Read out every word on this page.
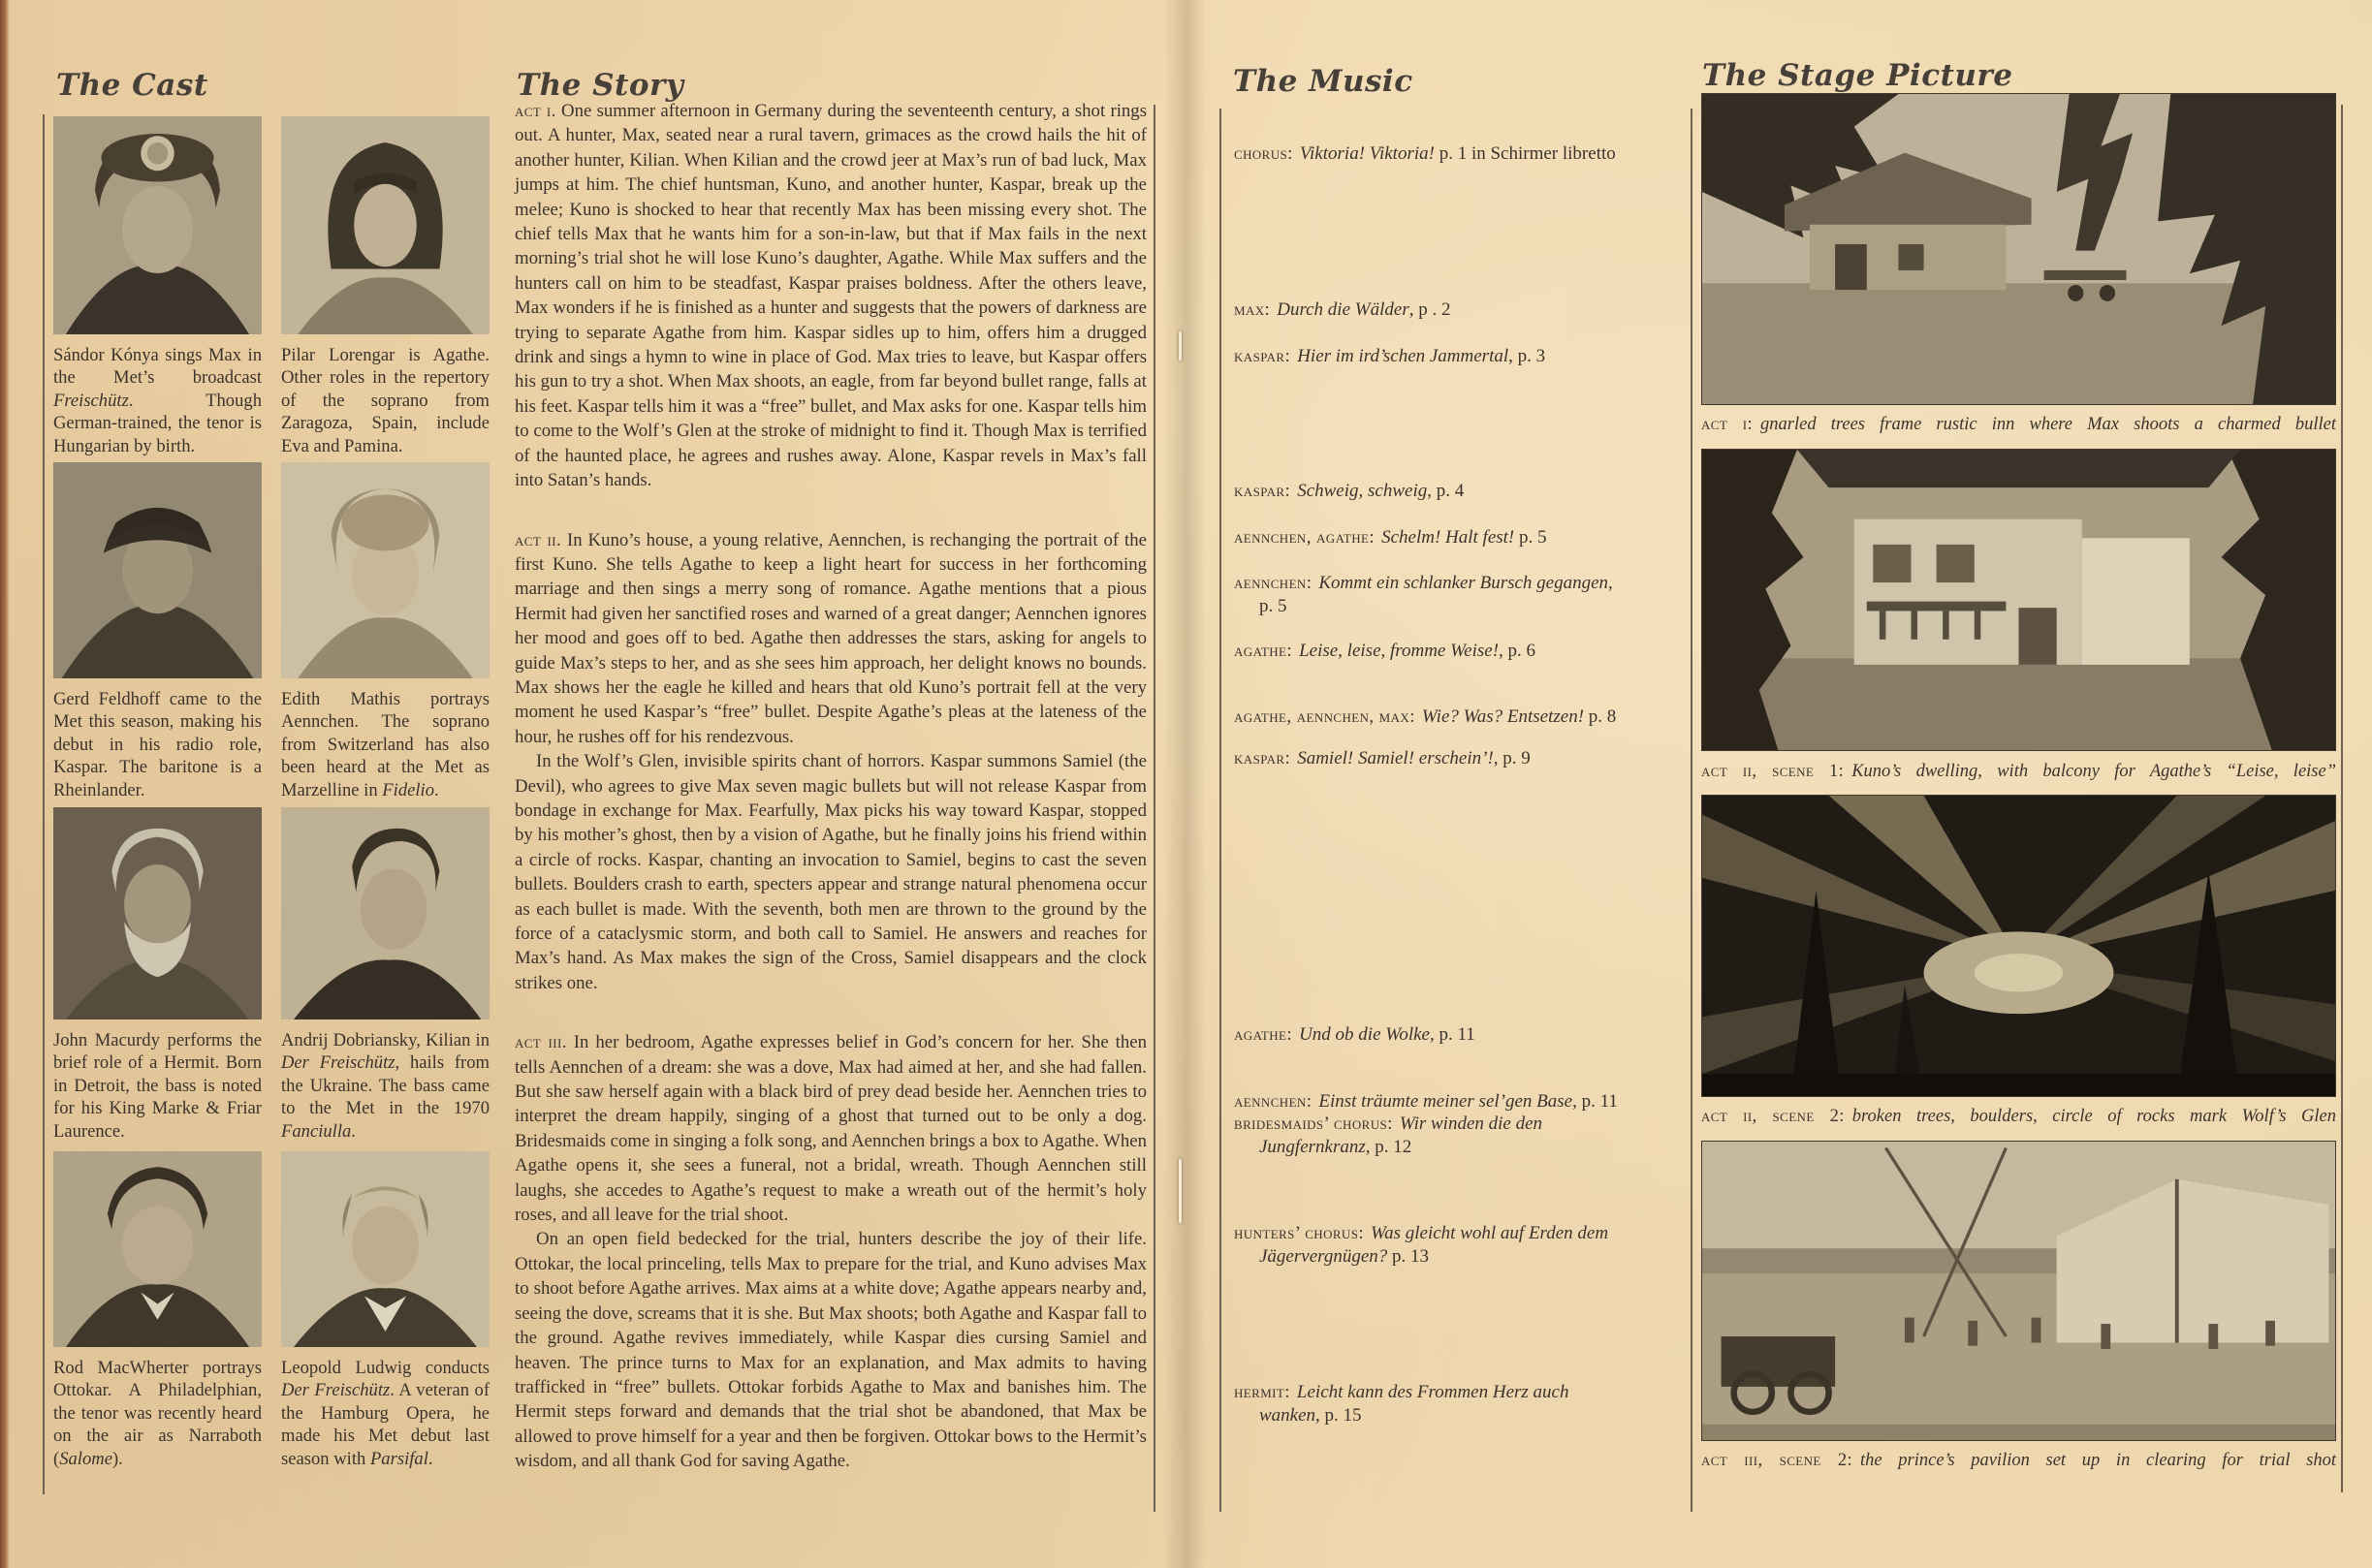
The Cast
Sándor Kónya sings Max in the Met’s broadcast Freischütz. Though German-trained, the tenor is Hungarian by birth.
Pilar Lorengar is Agathe. Other roles in the repertory of the soprano from Zaragoza, Spain, include Eva and Pamina.
Gerd Feldhoff came to the Met this season, making his debut in his radio role, Kaspar. The baritone is a Rheinlander.
Edith Mathis portrays Aennchen. The soprano from Switzerland has also been heard at the Met as Marzelline in Fidelio.
John Macurdy performs the brief role of a Hermit. Born in Detroit, the bass is noted for his King Marke & Friar Laurence.
Andrij Dobriansky, Kilian in Der Freischütz, hails from the Ukraine. The bass came to the Met in the 1970 Fanciulla.
Rod MacWherter portrays Ottokar. A Philadelphian, the tenor was recently heard on the air as Narraboth (Salome).
Leopold Ludwig conducts Der Freischütz. A veteran of the Hamburg Opera, he made his Met debut last season with Parsifal.
The Story

act i. One summer afternoon in Germany during the seventeenth century, a shot rings out. A hunter, Max, seated near a rural tavern, grimaces as the crowd hails the hit of another hunter, Kilian. When Kilian and the crowd jeer at Max’s run of bad luck, Max jumps at him. The chief huntsman, Kuno, and another hunter, Kaspar, break up the melee; Kuno is shocked to hear that recently Max has been missing every shot. The chief tells Max that he wants him for a son-in-law, but that if Max fails in the next morning’s trial shot he will lose Kuno’s daughter, Agathe. While Max suffers and the hunters call on him to be steadfast, Kaspar praises boldness. After the others leave, Max wonders if he is finished as a hunter and suggests that the powers of darkness are trying to separate Agathe from him. Kaspar sidles up to him, offers him a drugged drink and sings a hymn to wine in place of God. Max tries to leave, but Kaspar offers his gun to try a shot. When Max shoots, an eagle, from far beyond bullet range, falls at his feet. Kaspar tells him it was a “free” bullet, and Max asks for one. Kaspar tells him to come to the Wolf’s Glen at the stroke of midnight to find it. Though Max is terrified of the haunted place, he agrees and rushes away. Alone, Kaspar revels in Max’s fall into Satan’s hands.

act ii. In Kuno’s house, a young relative, Aennchen, is rechanging the portrait of the first Kuno. She tells Agathe to keep a light heart for success in her forthcoming marriage and then sings a merry song of romance. Agathe mentions that a pious Hermit had given her sanctified roses and warned of a great danger; Aennchen ignores her mood and goes off to bed. Agathe then addresses the stars, asking for angels to guide Max’s steps to her, and as she sees him approach, her delight knows no bounds. Max shows her the eagle he killed and hears that old Kuno’s portrait fell at the very moment he used Kaspar’s “free” bullet. Despite Agathe’s pleas at the lateness of the hour, he rushes off for his rendezvous.

In the Wolf’s Glen, invisible spirits chant of horrors. Kaspar summons Samiel (the Devil), who agrees to give Max seven magic bullets but will not release Kaspar from bondage in exchange for Max. Fearfully, Max picks his way toward Kaspar, stopped by his mother’s ghost, then by a vision of Agathe, but he finally joins his friend within a circle of rocks. Kaspar, chanting an invocation to Samiel, begins to cast the seven bullets. Boulders crash to earth, specters appear and strange natural phenomena occur as each bullet is made. With the seventh, both men are thrown to the ground by the force of a cataclysmic storm, and both call to Samiel. He answers and reaches for Max’s hand. As Max makes the sign of the Cross, Samiel disappears and the clock strikes one.

act iii. In her bedroom, Agathe expresses belief in God’s concern for her. She then tells Aennchen of a dream: she was a dove, Max had aimed at her, and she had fallen. But she saw herself again with a black bird of prey dead beside her. Aennchen tries to interpret the dream happily, singing of a ghost that turned out to be only a dog. Bridesmaids come in singing a folk song, and Aennchen brings a box to Agathe. When Agathe opens it, she sees a funeral, not a bridal, wreath. Though Aennchen still laughs, she accedes to Agathe’s request to make a wreath out of the hermit’s holy roses, and all leave for the trial shoot.

On an open field bedecked for the trial, hunters describe the joy of their life. Ottokar, the local princeling, tells Max to prepare for the trial, and Kuno advises Max to shoot before Agathe arrives. Max aims at a white dove; Agathe appears nearby and, seeing the dove, screams that it is she. But Max shoots; both Agathe and Kaspar fall to the ground. Agathe revives immediately, while Kaspar dies cursing Samiel and heaven. The prince turns to Max for an explanation, and Max admits to having trafficked in “free” bullets. Ottokar forbids Agathe to Max and banishes him. The Hermit steps forward and demands that the trial shot be abandoned, that Max be allowed to prove himself for a year and then be forgiven. Ottokar bows to the Hermit’s wisdom, and all thank God for saving Agathe.

The Music
chorus: Viktoria! Viktoria! p. 1 in Schirmer libretto
max: Durch die Wälder, p . 2
kaspar: Hier im ird’schen Jammertal, p. 3
kaspar: Schweig, schweig, p. 4
aennchen, agathe: Schelm! Halt fest! p. 5
aennchen: Kommt ein schlanker Bursch gegangen, p. 5
agathe: Leise, leise, fromme Weise!, p. 6
agathe, aennchen, max: Wie? Was? Entsetzen! p. 8
kaspar: Samiel! Samiel! erschein’!, p. 9
agathe: Und ob die Wolke, p. 11
aennchen: Einst träumte meiner sel’gen Base, p. 11
bridesmaids’ chorus: Wir winden die den Jungfernkranz, p. 12
hunters’ chorus: Was gleicht wohl auf Erden dem Jägervergnügen? p. 13
hermit: Leicht kann des Frommen Herz auch wanken, p. 15
The Stage Picture
act i: gnarled trees frame rustic inn where Max shoots a charmed bullet
act ii, scene 1: Kuno’s dwelling, with balcony for Agathe’s “Leise, leise”
act ii, scene 2: broken trees, boulders, circle of rocks mark Wolf’s Glen
act iii, scene 2: the prince’s pavilion set up in clearing for trial shot
